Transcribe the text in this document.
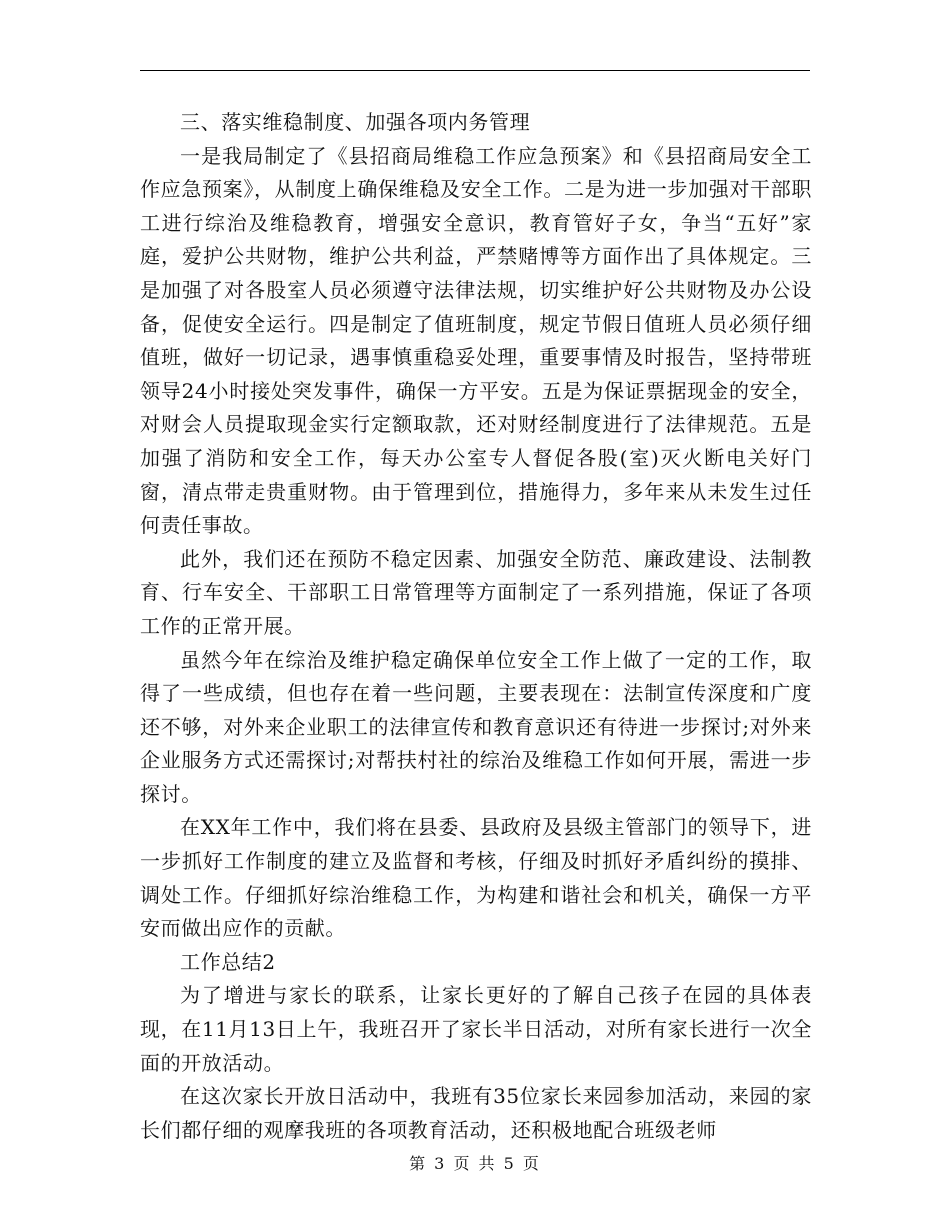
三、落实维稳制度、加强各项内务管理

一是我局制定了《县招商局维稳工作应急预案》和《县招商局安全工作应急预案》，从制度上确保维稳及安全工作。二是为进一步加强对干部职工进行综治及维稳教育，增强安全意识，教育管好子女，争当“五好”家庭，爱护公共财物，维护公共利益，严禁赌博等方面作出了具体规定。三是加强了对各股室人员必须遵守法律法规，切实维护好公共财物及办公设备，促使安全运行。四是制定了值班制度，规定节假日值班人员必须仔细值班，做好一切记录，遇事慎重稳妥处理，重要事情及时报告，坚持带班领导24小时接处突发事件，确保一方平安。五是为保证票据现金的安全，对财会人员提取现金实行定额取款，还对财经制度进行了法律规范。五是加强了消防和安全工作，每天办公室专人督促各股(室)灭火断电关好门窗，清点带走贵重财物。由于管理到位，措施得力，多年来从未发生过任何责任事故。

此外，我们还在预防不稳定因素、加强安全防范、廉政建设、法制教育、行车安全、干部职工日常管理等方面制定了一系列措施，保证了各项工作的正常开展。

虽然今年在综治及维护稳定确保单位安全工作上做了一定的工作，取得了一些成绩，但也存在着一些问题，主要表现在：法制宣传深度和广度还不够，对外来企业职工的法律宣传和教育意识还有待进一步探讨;对外来企业服务方式还需探讨;对帮扶村社的综治及维稳工作如何开展，需进一步探讨。

在XX年工作中，我们将在县委、县政府及县级主管部门的领导下，进一步抓好工作制度的建立及监督和考核，仔细及时抓好矛盾纠纷的摸排、调处工作。仔细抓好综治维稳工作，为构建和谐社会和机关，确保一方平安而做出应作的贡献。

工作总结2

为了增进与家长的联系，让家长更好的了解自己孩子在园的具体表现，在11月13日上午，我班召开了家长半日活动，对所有家长进行一次全面的开放活动。

在这次家长开放日活动中，我班有35位家长来园参加活动，来园的家长们都仔细的观摩我班的各项教育活动，还积极地配合班级老师

第 3 页 共 5 页
